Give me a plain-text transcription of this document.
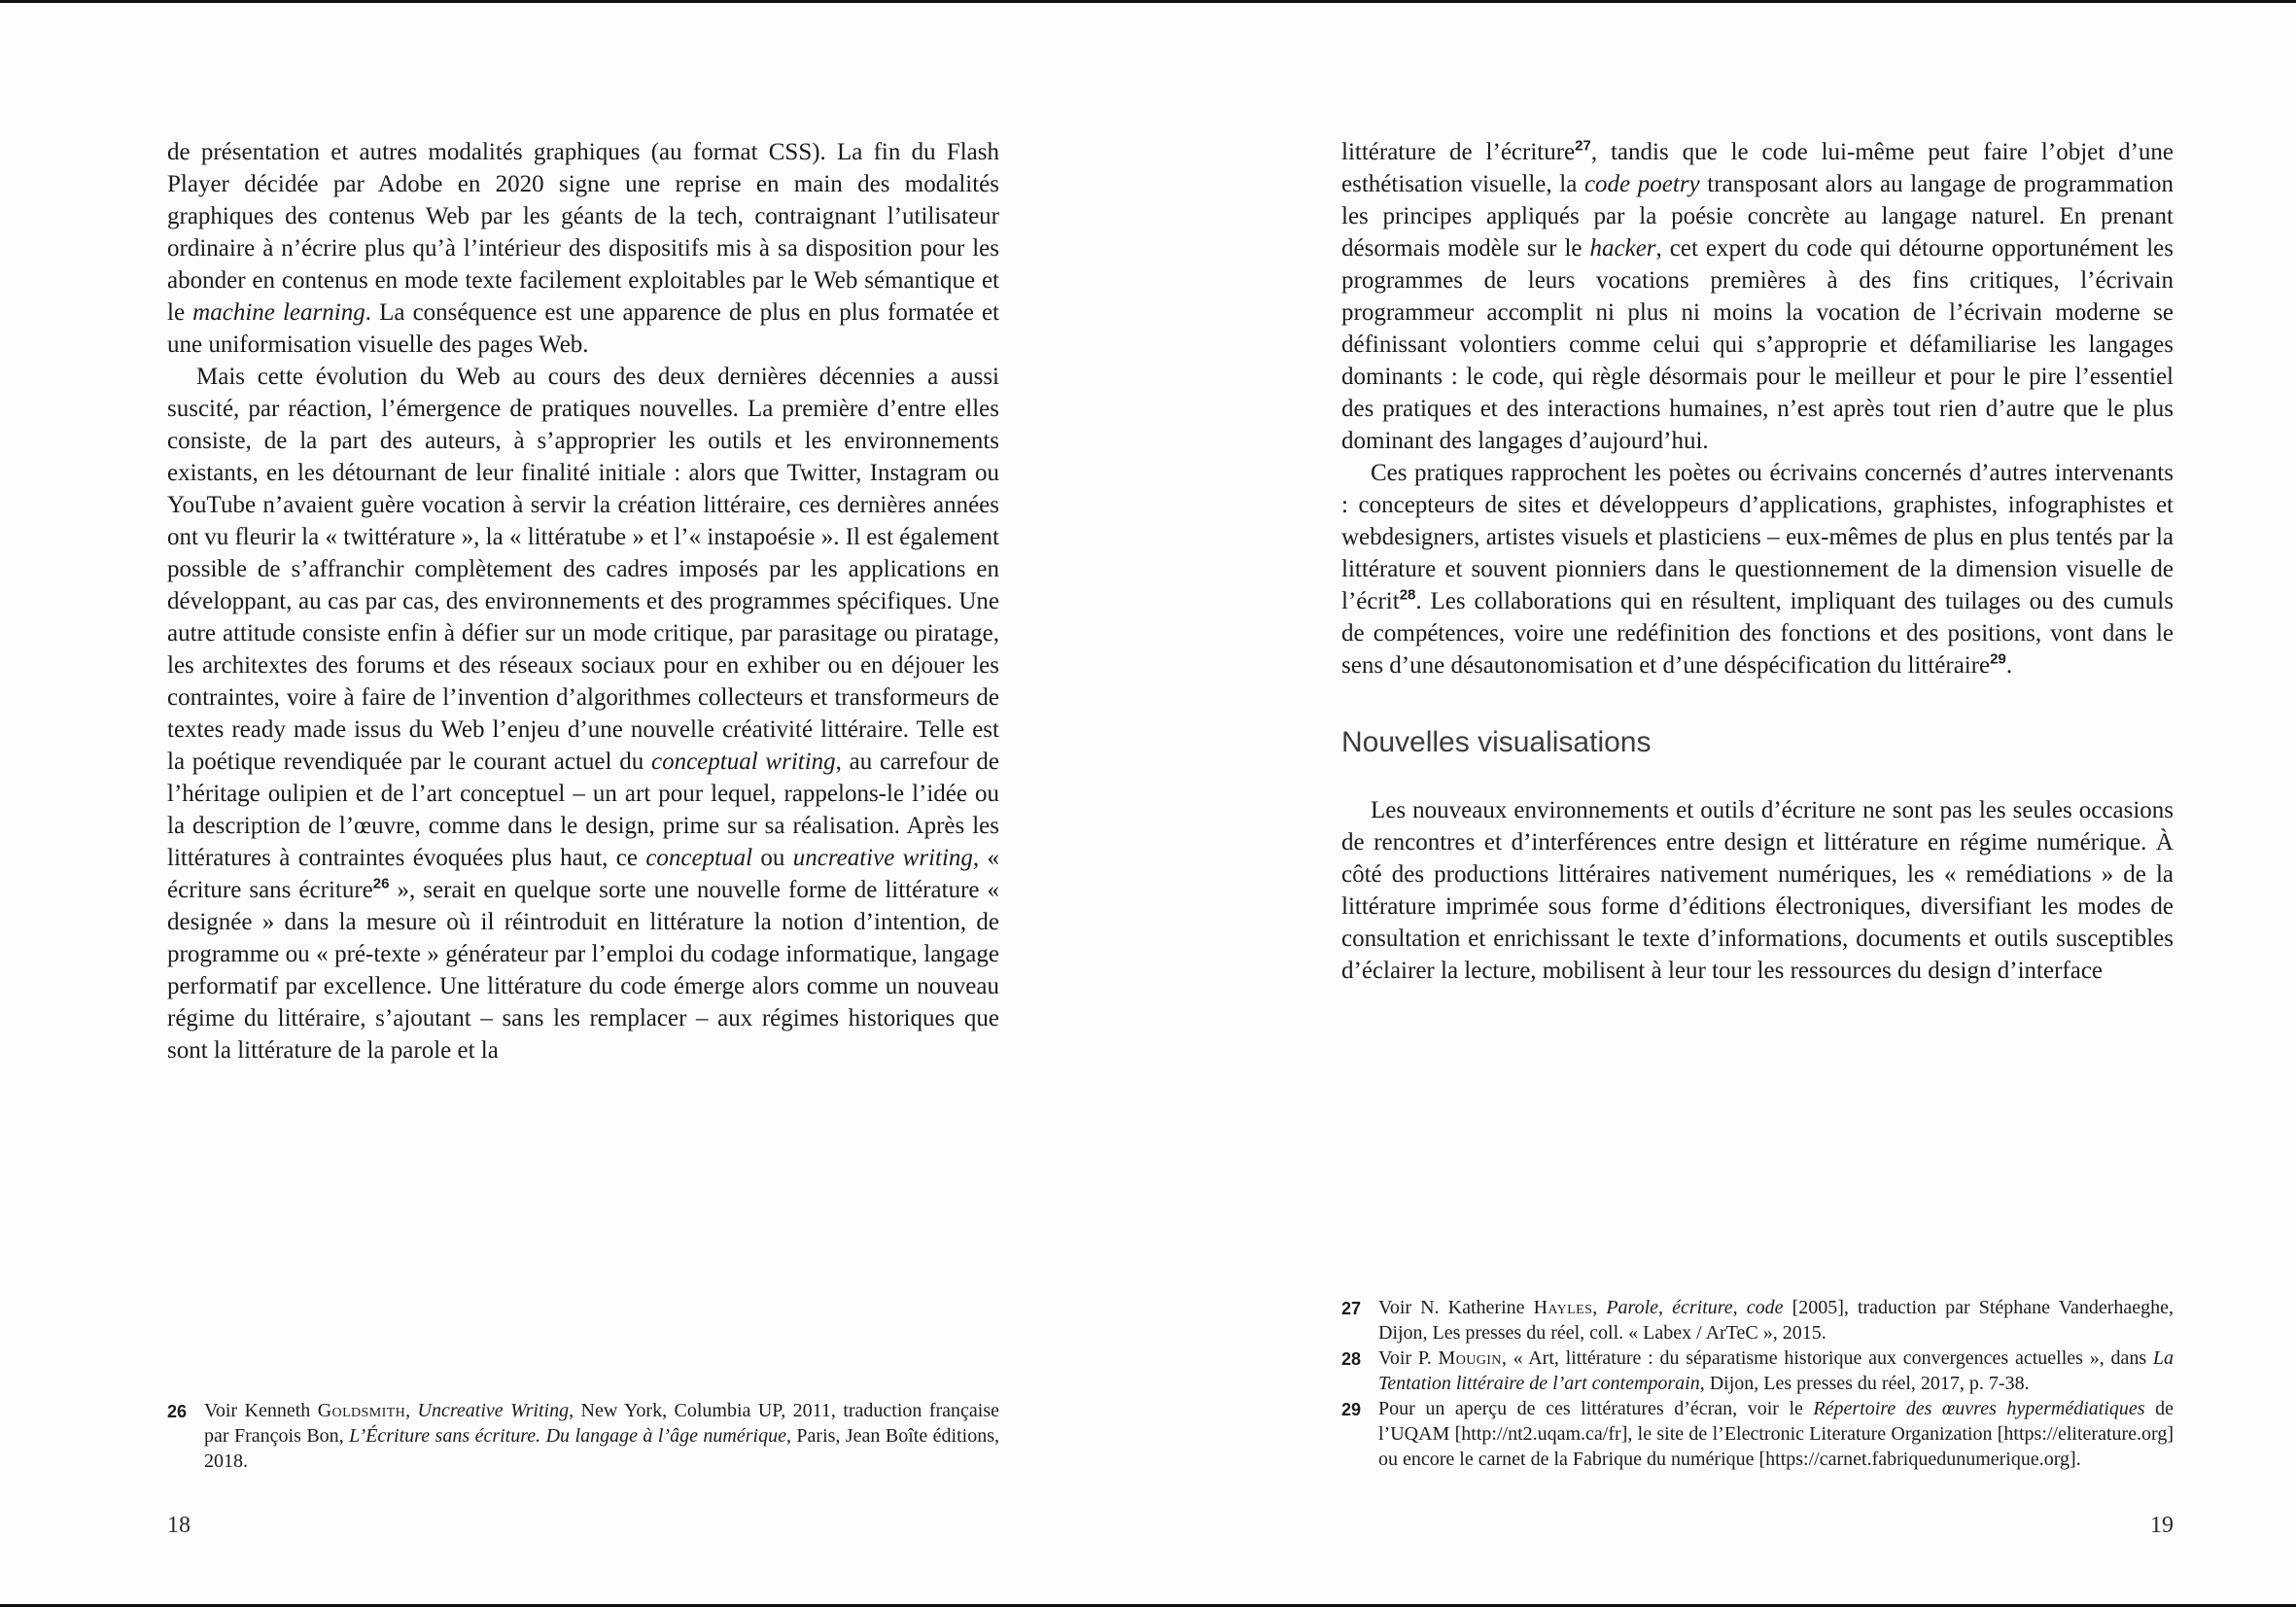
de présentation et autres modalités graphiques (au format CSS). La fin du Flash Player décidée par Adobe en 2020 signe une reprise en main des modalités graphiques des contenus Web par les géants de la tech, contraignant l’utilisateur ordinaire à n’écrire plus qu’à l’intérieur des dispositifs mis à sa disposition pour les abonder en contenus en mode texte facilement exploitables par le Web sémantique et le machine learning. La conséquence est une apparence de plus en plus formatée et une uniformisation visuelle des pages Web.

Mais cette évolution du Web au cours des deux dernières décennies a aussi suscité, par réaction, l’émergence de pratiques nouvelles. La première d’entre elles consiste, de la part des auteurs, à s’approprier les outils et les environnements existants, en les détournant de leur finalité initiale : alors que Twitter, Instagram ou YouTube n’avaient guère vocation à servir la création littéraire, ces dernières années ont vu fleurir la « twittérature », la « littératube » et l’« instapoésie ». Il est également possible de s’affranchir complètement des cadres imposés par les applications en développant, au cas par cas, des environnements et des programmes spécifiques. Une autre attitude consiste enfin à défier sur un mode critique, par parasitage ou piratage, les architextes des forums et des réseaux sociaux pour en exhiber ou en déjouer les contraintes, voire à faire de l’invention d’algorithmes collecteurs et transformeurs de textes ready made issus du Web l’enjeu d’une nouvelle créativité littéraire. Telle est la poétique revendiquée par le courant actuel du conceptual writing, au carrefour de l’héritage oulipien et de l’art conceptuel – un art pour lequel, rappelons-le l’idée ou la description de l’œuvre, comme dans le design, prime sur sa réalisation. Après les littératures à contraintes évoquées plus haut, ce conceptual ou uncreative writing, « écriture sans écriture$^{26}$ », serait en quelque sorte une nouvelle forme de littérature « designée » dans la mesure où il réintroduit en littérature la notion d’intention, de programme ou « pré-texte » générateur par l’emploi du codage informatique, langage performatif par excellence. Une littérature du code émerge alors comme un nouveau régime du littéraire, s’ajoutant – sans les remplacer – aux régimes historiques que sont la littérature de la parole et la

26 Voir Kenneth Goldsmith, Uncreative Writing, New York, Columbia UP, 2011, traduction française par François Bon, L’Écriture sans écriture. Du langage à l’âge numérique, Paris, Jean Boîte éditions, 2018.
18

littérature de l’écriture$^{27}$, tandis que le code lui-même peut faire l’objet d’une esthétisation visuelle, la code poetry transposant alors au langage de programmation les principes appliqués par la poésie concrète au langage naturel. En prenant désormais modèle sur le hacker, cet expert du code qui détourne opportunément les programmes de leurs vocations premières à des fins critiques, l’écrivain programmeur accomplit ni plus ni moins la vocation de l’écrivain moderne se définissant volontiers comme celui qui s’approprie et défamiliarise les langages dominants : le code, qui règle désormais pour le meilleur et pour le pire l’essentiel des pratiques et des interactions humaines, n’est après tout rien d’autre que le plus dominant des langages d’aujourd’hui.

Ces pratiques rapprochent les poètes ou écrivains concernés d’autres intervenants : concepteurs de sites et développeurs d’applications, graphistes, infographistes et webdesigners, artistes visuels et plasticiens – eux-mêmes de plus en plus tentés par la littérature et souvent pionniers dans le questionnement de la dimension visuelle de l’écrit$^{28}$. Les collaborations qui en résultent, impliquant des tuilages ou des cumuls de compétences, voire une redéfinition des fonctions et des positions, vont dans le sens d’une désautonomisation et d’une déspécification du littéraire$^{29}$.

Nouvelles visualisations

Les nouveaux environnements et outils d’écriture ne sont pas les seules occasions de rencontres et d’interférences entre design et littérature en régime numérique. À côté des productions littéraires nativement numériques, les « remédiations » de la littérature imprimée sous forme d’éditions électroniques, diversifiant les modes de consultation et enrichissant le texte d’informations, documents et outils susceptibles d’éclairer la lecture, mobilisent à leur tour les ressources du design d’interface

27 Voir N. Katherine Hayles, Parole, écriture, code [2005], traduction par Stéphane Vanderhaeghe, Dijon, Les presses du réel, coll. « Labex / ArTeC », 2015.
28 Voir P. Mougin, « Art, littérature : du séparatisme historique aux convergences actuelles », dans La Tentation littéraire de l’art contemporain, Dijon, Les presses du réel, 2017, p. 7-38.
29 Pour un aperçu de ces littératures d’écran, voir le Répertoire des œuvres hypermédiatiques de l’UQAM [http://nt2.uqam.ca/fr], le site de l’Electronic Literature Organization [https://eliterature.org] ou encore le carnet de la Fabrique du numérique [https://carnet.fabriquedunumerique.org].
19
